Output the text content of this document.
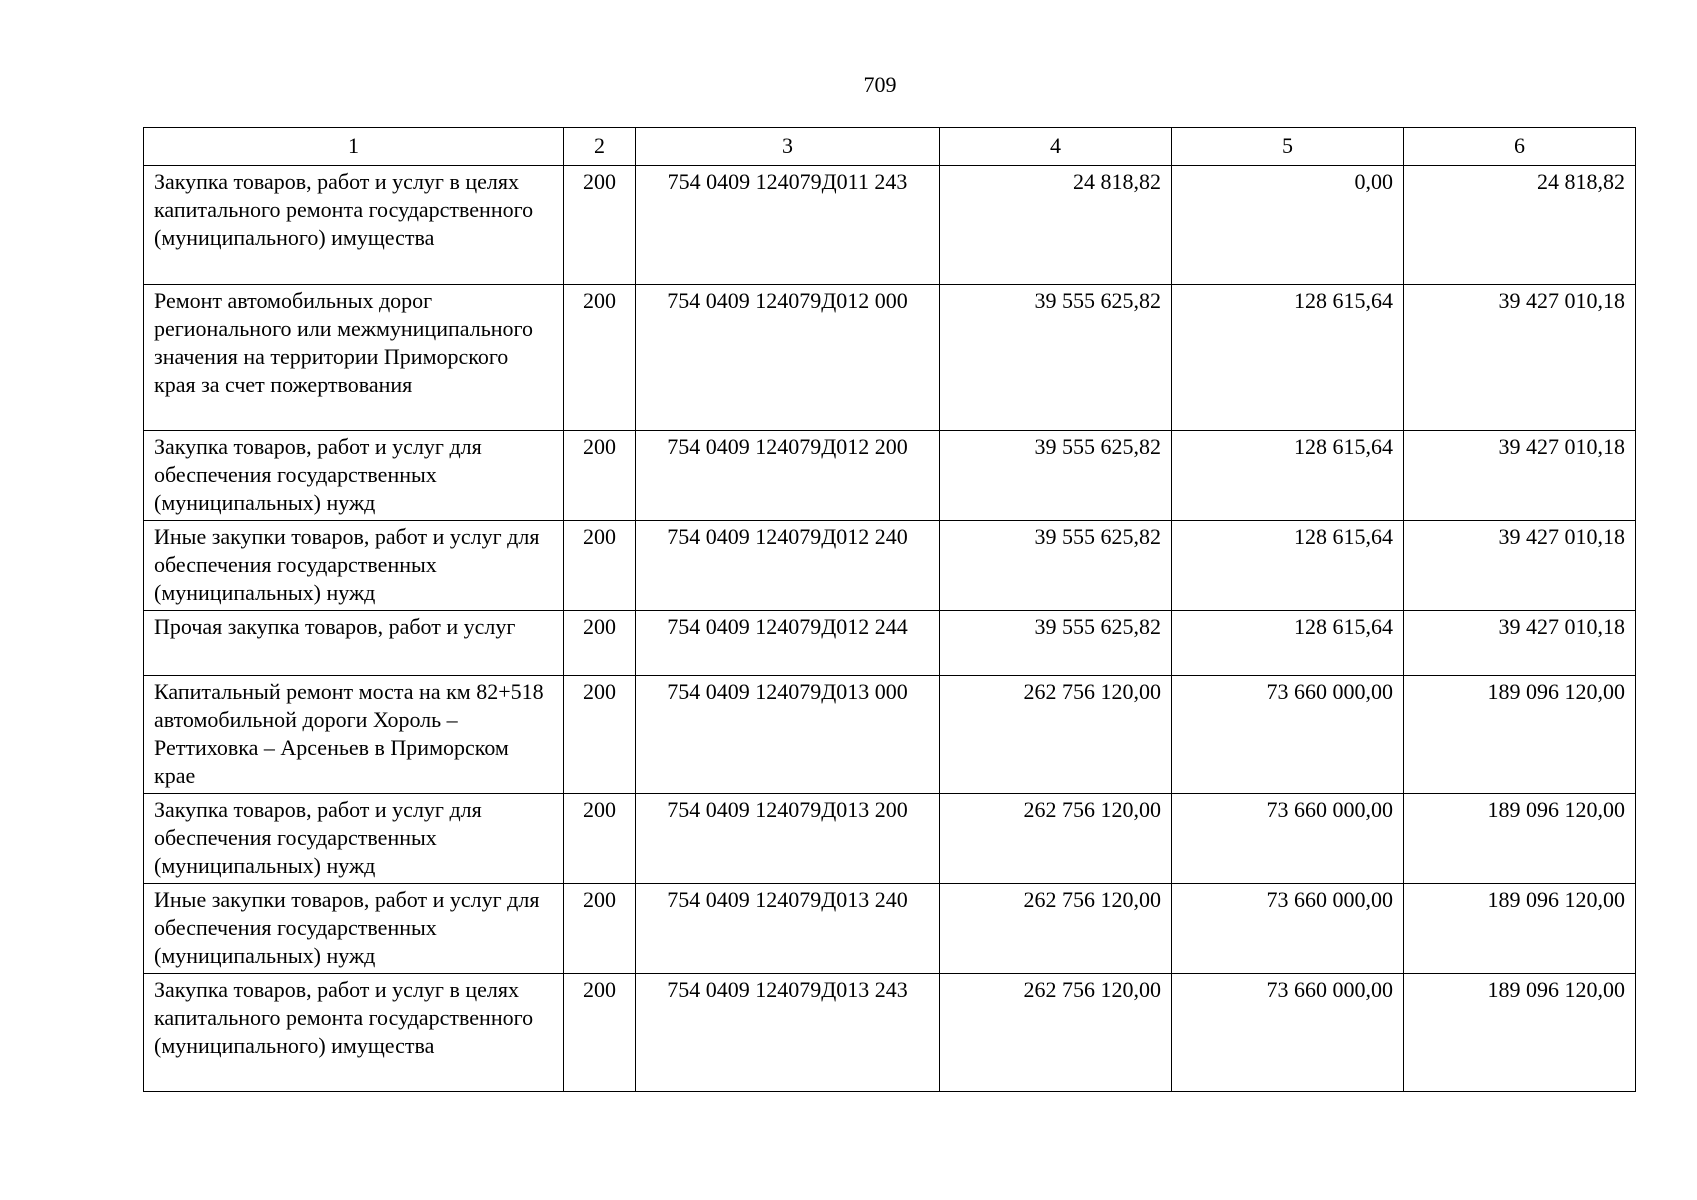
709
1	2	3	4	5	6
Закупка товаров, работ и услуг в целях капитального ремонта государственного (муниципального) имущества	200	754 0409 124079Д011 243	24 818,82	0,00	24 818,82
Ремонт автомобильных дорог регионального или межмуниципального значения на территории Приморского края за счет пожертвования	200	754 0409 124079Д012 000	39 555 625,82	128 615,64	39 427 010,18
Закупка товаров, работ и услуг для обеспечения государственных (муниципальных) нужд	200	754 0409 124079Д012 200	39 555 625,82	128 615,64	39 427 010,18
Иные закупки товаров, работ и услуг для обеспечения государственных (муниципальных) нужд	200	754 0409 124079Д012 240	39 555 625,82	128 615,64	39 427 010,18
Прочая закупка товаров, работ и услуг	200	754 0409 124079Д012 244	39 555 625,82	128 615,64	39 427 010,18
Капитальный ремонт моста на км 82+518 автомобильной дороги Хороль – Реттиховка – Арсеньев в Приморском крае	200	754 0409 124079Д013 000	262 756 120,00	73 660 000,00	189 096 120,00
Закупка товаров, работ и услуг для обеспечения государственных (муниципальных) нужд	200	754 0409 124079Д013 200	262 756 120,00	73 660 000,00	189 096 120,00
Иные закупки товаров, работ и услуг для обеспечения государственных (муниципальных) нужд	200	754 0409 124079Д013 240	262 756 120,00	73 660 000,00	189 096 120,00
Закупка товаров, работ и услуг в целях капитального ремонта государственного (муниципального) имущества	200	754 0409 124079Д013 243	262 756 120,00	73 660 000,00	189 096 120,00
